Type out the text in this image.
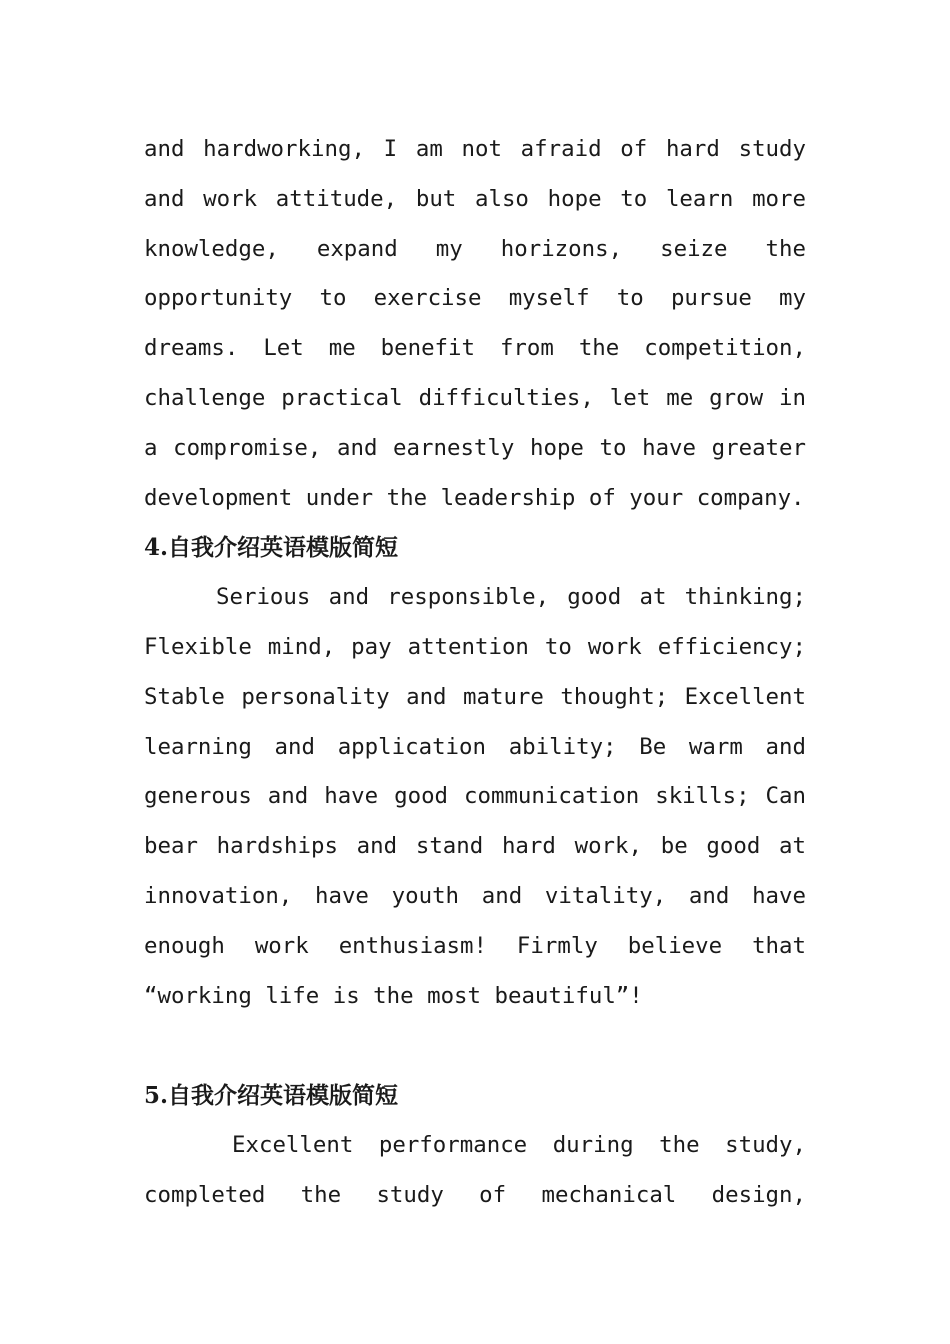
and hardworking, I am not afraid of hard study and work attitude, but also hope to learn more knowledge, expand my horizons, seize the opportunity to exercise myself to pursue my dreams. Let me benefit from the competition, challenge practical difficulties, let me grow in a compromise, and earnestly hope to have greater development under the leadership of your company.

4.自我介绍英语模版简短

Serious and responsible, good at thinking; Flexible mind, pay attention to work efficiency; Stable personality and mature thought; Excellent learning and application ability; Be warm and generous and have good communication skills; Can bear hardships and stand hard work, be good at innovation, have youth and vitality, and have enough work enthusiasm! Firmly believe that “working life is the most beautiful”!

5.自我介绍英语模版简短

Excellent performance during the study, completed the study of mechanical design,
